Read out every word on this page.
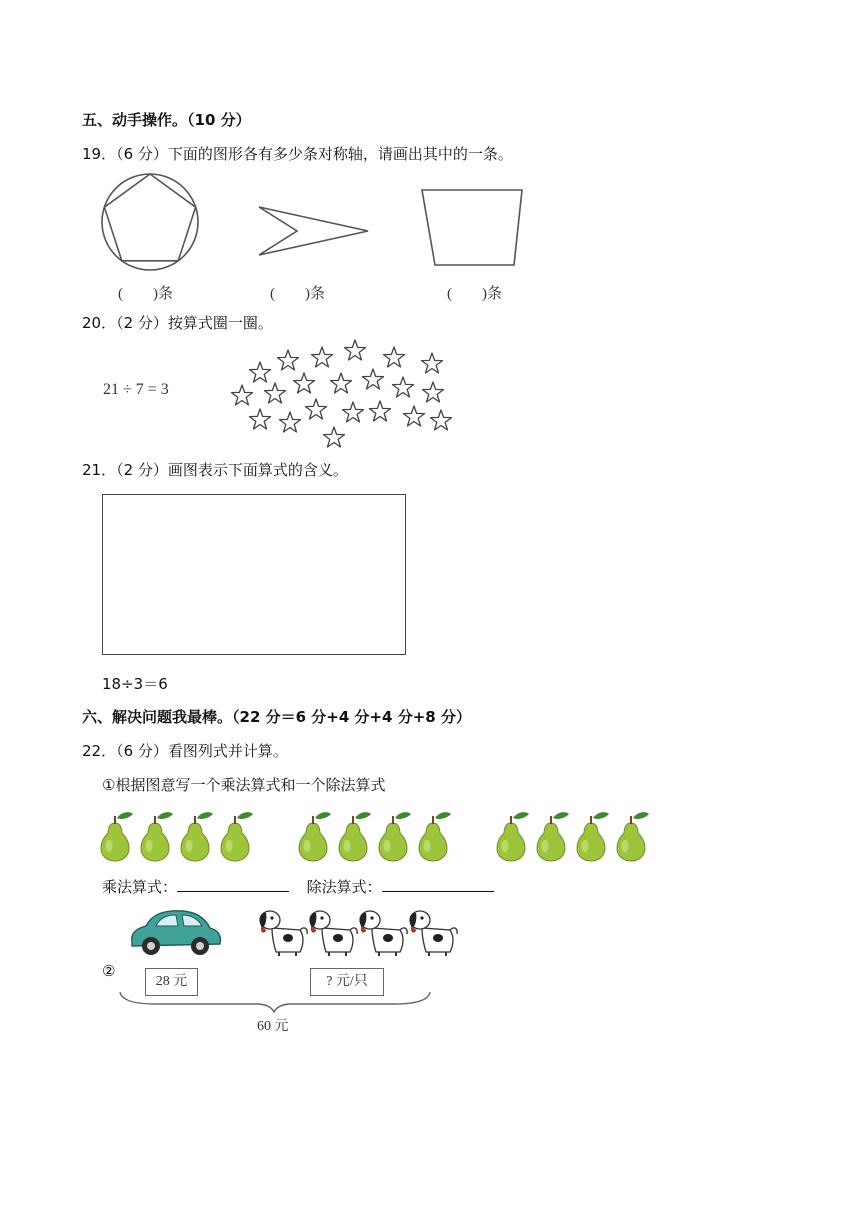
五、动手操作。（10 分）
19．（6 分）下面的图形各有多少条对称轴，请画出其中的一条。
(　　)条	(　　)条	(　　)条
20．（2 分）按算式圈一圈。
21 ÷ 7 = 3
21．（2 分）画图表示下面算式的含义。
18÷3＝6
六、解决问题我最棒。（22 分＝6 分+4 分+4 分+8 分）
22．（6 分）看图列式并计算。
①根据图意写一个乘法算式和一个除法算式
乘法算式：	除法算式：
②
28 元	? 元/只
60 元
